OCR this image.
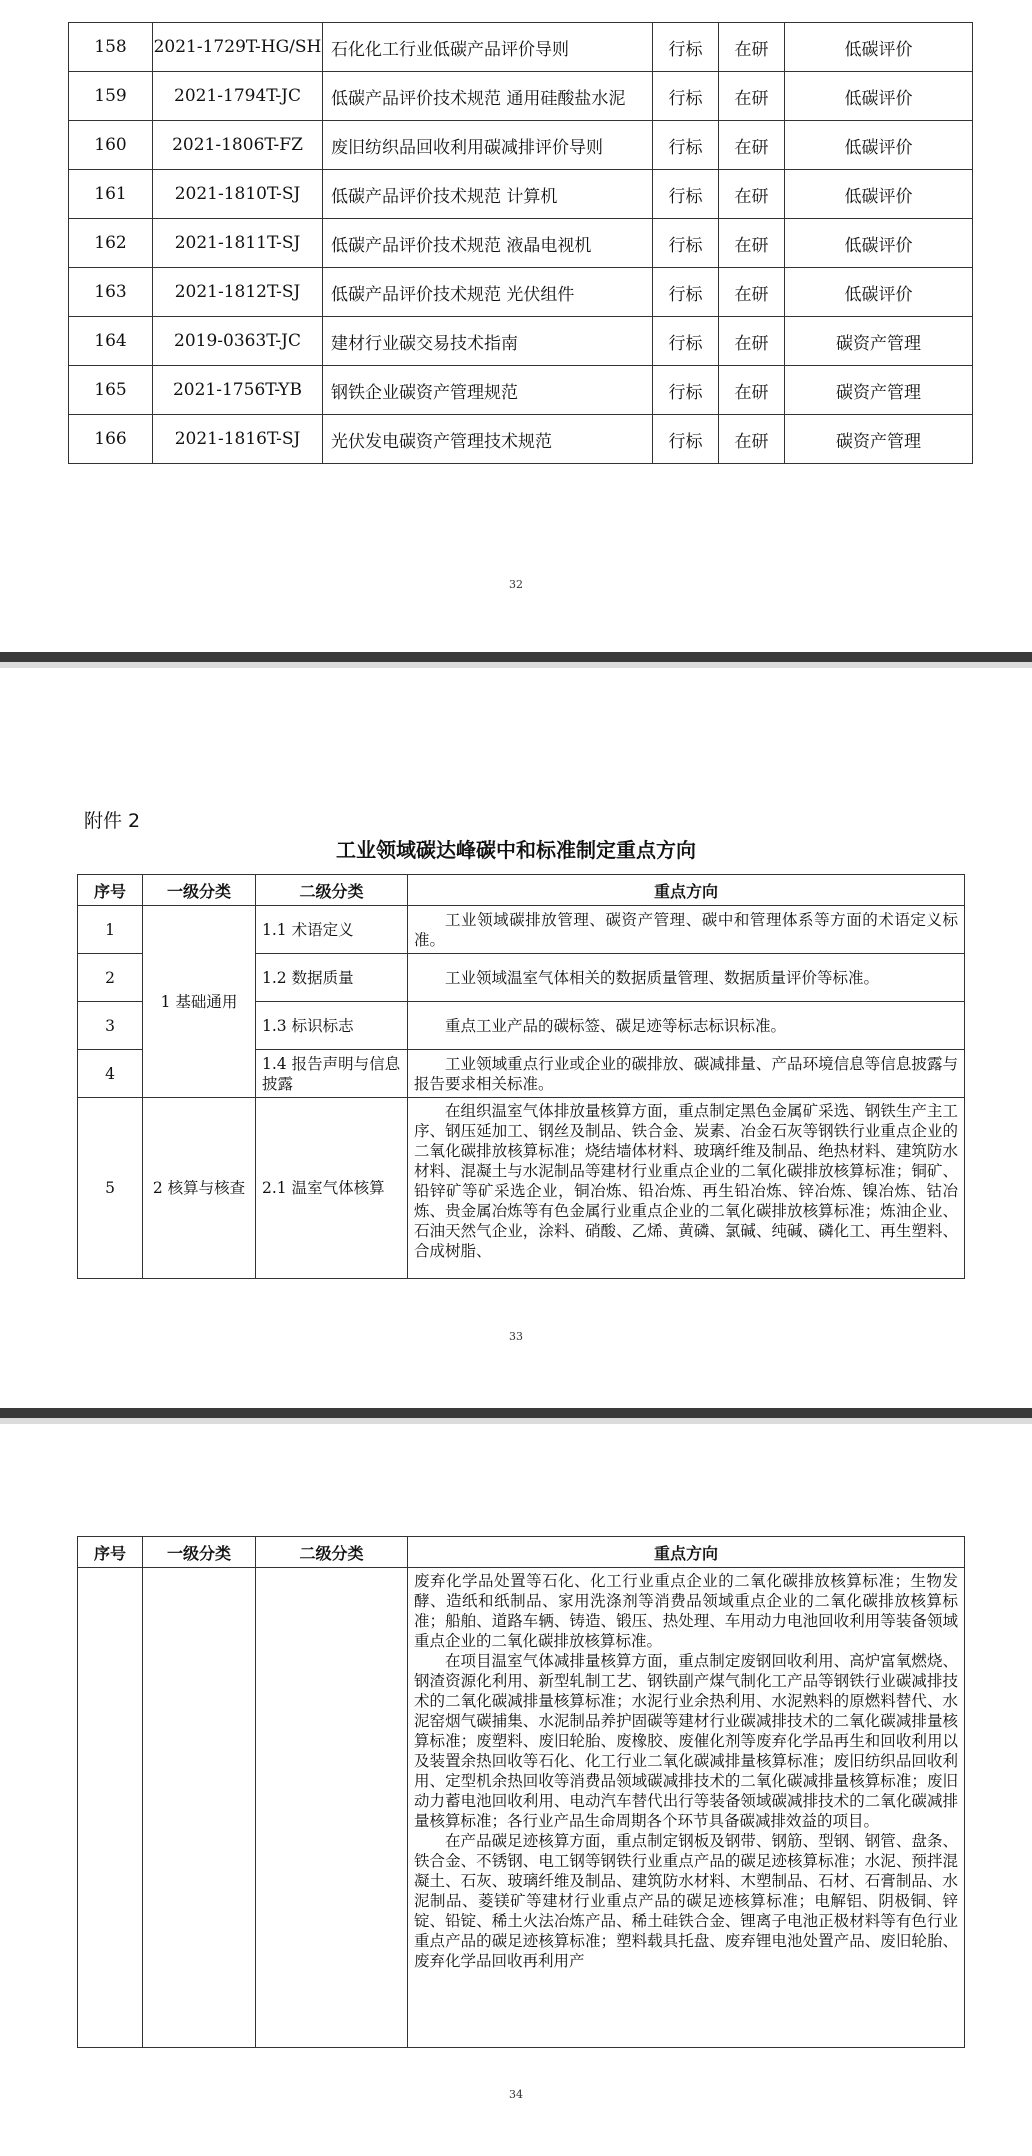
158	2021-1729T-HG/SH	石化化工行业低碳产品评价导则	行标	在研	低碳评价
159	2021-1794T-JC	低碳产品评价技术规范 通用硅酸盐水泥	行标	在研	低碳评价
160	2021-1806T-FZ	废旧纺织品回收利用碳减排评价导则	行标	在研	低碳评价
161	2021-1810T-SJ	低碳产品评价技术规范 计算机	行标	在研	低碳评价
162	2021-1811T-SJ	低碳产品评价技术规范 液晶电视机	行标	在研	低碳评价
163	2021-1812T-SJ	低碳产品评价技术规范 光伏组件	行标	在研	低碳评价
164	2019-0363T-JC	建材行业碳交易技术指南	行标	在研	碳资产管理
165	2021-1756T-YB	钢铁企业碳资产管理规范	行标	在研	碳资产管理
166	2021-1816T-SJ	光伏发电碳资产管理技术规范	行标	在研	碳资产管理
32
附件 2
工业领域碳达峰碳中和标准制定重点方向
序号	一级分类	二级分类	重点方向
1	1 基础通用	1.1 术语定义	工业领域碳排放管理、碳资产管理、碳中和管理体系等方面的术语定义标准。
2		1.2 数据质量	工业领域温室气体相关的数据质量管理、数据质量评价等标准。
3		1.3 标识标志	重点工业产品的碳标签、碳足迹等标志标识标准。
4		1.4 报告声明与信息披露	工业领域重点行业或企业的碳排放、碳减排量、产品环境信息等信息披露与报告要求相关标准。
5	2 核算与核查	2.1 温室气体核算	在组织温室气体排放量核算方面，重点制定黑色金属矿采选、钢铁生产主工序、钢压延加工、钢丝及制品、铁合金、炭素、冶金石灰等钢铁行业重点企业的二氧化碳排放核算标准；烧结墙体材料、玻璃纤维及制品、绝热材料、建筑防水材料、混凝土与水泥制品等建材行业重点企业的二氧化碳排放核算标准；铜矿、铅锌矿等矿采选企业，铜冶炼、铅冶炼、再生铅冶炼、锌冶炼、镍冶炼、钴冶炼、贵金属冶炼等有色金属行业重点企业的二氧化碳排放核算标准；炼油企业、石油天然气企业，涂料、硝酸、乙烯、黄磷、氯碱、纯碱、磷化工、再生塑料、合成树脂、
33
序号	一级分类	二级分类	重点方向

			废弃化学品处置等石化、化工行业重点企业的二氧化碳排放核算标准；生物发酵、造纸和纸制品、家用洗涤剂等消费品领域重点企业的二氧化碳排放核算标准；船舶、道路车辆、铸造、锻压、热处理、车用动力电池回收利用等装备领域重点企业的二氧化碳排放核算标准。

在项目温室气体减排量核算方面，重点制定废钢回收利用、高炉富氧燃烧、钢渣资源化利用、新型轧制工艺、钢铁副产煤气制化工产品等钢铁行业碳减排技术的二氧化碳减排量核算标准；水泥行业余热利用、水泥熟料的原燃料替代、水泥窑烟气碳捕集、水泥制品养护固碳等建材行业碳减排技术的二氧化碳减排量核算标准；废塑料、废旧轮胎、废橡胶、废催化剂等废弃化学品再生和回收利用以及装置余热回收等石化、化工行业二氧化碳减排量核算标准；废旧纺织品回收利用、定型机余热回收等消费品领域碳减排技术的二氧化碳减排量核算标准；废旧动力蓄电池回收利用、电动汽车替代出行等装备领域碳减排技术的二氧化碳减排量核算标准；各行业产品生命周期各个环节具备碳减排效益的项目。

在产品碳足迹核算方面，重点制定钢板及钢带、钢筋、型钢、钢管、盘条、铁合金、不锈钢、电工钢等钢铁行业重点产品的碳足迹核算标准；水泥、预拌混凝土、石灰、玻璃纤维及制品、建筑防水材料、木塑制品、石材、石膏制品、水泥制品、菱镁矿等建材行业重点产品的碳足迹核算标准；电解铝、阴极铜、锌锭、铅锭、稀土火法冶炼产品、稀土硅铁合金、锂离子电池正极材料等有色行业重点产品的碳足迹核算标准；塑料载具托盘、废弃锂电池处置产品、废旧轮胎、废弃化学品回收再利用产

34
